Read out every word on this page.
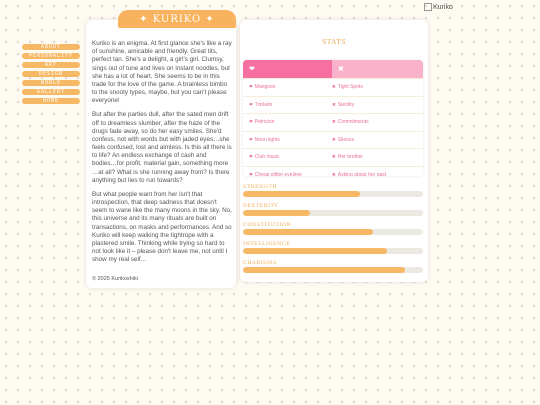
Kuriko
ABOUT
PERSONALITY
ART
DESIGN
WORLD
GALLERY
HOME
✦ KURIKO ✦

Kuriko is an enigma. At first glance she's like a ray of sunshine, amicable and friendly. Great tits, perfect tan. She's a delight, a girl's girl. Clumsy, sings out of tune and lives on instant noodles, but she has a lot of heart. She seems to be in this trade for the love of the game. A brainless bimbo to the snooty types, maybe, but you can't please everyone!

But after the parties dull, after the sated men drift off to dreamless slumber, after the haze of the drugs fade away, so do her easy smiles. She'd confess, not with words but with jaded eyes…she feels confused, lost and aimless. Is this all there is to life? An endless exchange of cash and bodies…for profit, material gain, something more …at all? What is she running away from? Is there anything but lies to run towards?

But what people want from her isn't that introspection, that deep sadness that doesn't seem to wane like the many moons in the sky. No, this universe and its many rituals are built on transactions, on masks and performances. And so Kuriko will keep walking the tightrope with a plastered smile. Thinking while trying so hard to not look like it – please don't leave me, not until I show my real self…

© 2025 Kurikoshiki
STATS
❤	✖
❤ Mangoes	✖ Tight Spots
❤ Trinkets	✖ Sterility
❤ Petrichor	✖ Commitments
❤ Neon lights	✖ Silence
❤ Club music	✖ Her brother
❤ Cheap glitter eyeliner	✖ Asking about her past
STRENGTH
DEXTERITY
CONSTITUTION
INTELLIGENCE
CHARISMA
